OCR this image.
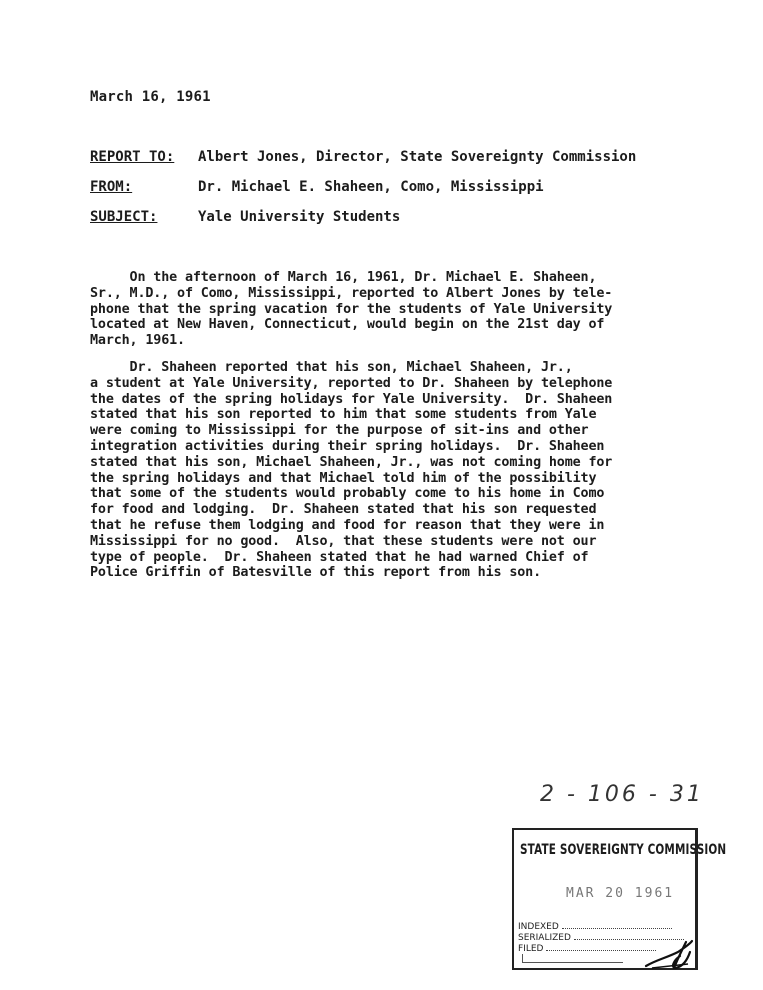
March 16, 1961
REPORT TO: Albert Jones, Director, State Sovereignty Commission
FROM:	Dr. Michael E. Shaheen, Como, Mississippi
SUBJECT:	Yale University Students
On the afternoon of March 16, 1961, Dr. Michael E. Shaheen,
Sr., M.D., of Como, Mississippi, reported to Albert Jones by tele-
phone that the spring vacation for the students of Yale University
located at New Haven, Connecticut, would begin on the 21st day of
March, 1961.
Dr. Shaheen reported that his son, Michael Shaheen, Jr.,
a student at Yale University, reported to Dr. Shaheen by telephone
the dates of the spring holidays for Yale University.  Dr. Shaheen
stated that his son reported to him that some students from Yale
were coming to Mississippi for the purpose of sit-ins and other
integration activities during their spring holidays.  Dr. Shaheen
stated that his son, Michael Shaheen, Jr., was not coming home for
the spring holidays and that Michael told him of the possibility
that some of the students would probably come to his home in Como
for food and lodging.  Dr. Shaheen stated that his son requested
that he refuse them lodging and food for reason that they were in
Mississippi for no good.  Also, that these students were not our
type of people.  Dr. Shaheen stated that he had warned Chief of
Police Griffin of Batesville of this report from his son.
2 - 106 - 31
STATE SOVEREIGNTY COMMISSION
MAR 20 1961
INDEXED
SERIALIZED
FILED
